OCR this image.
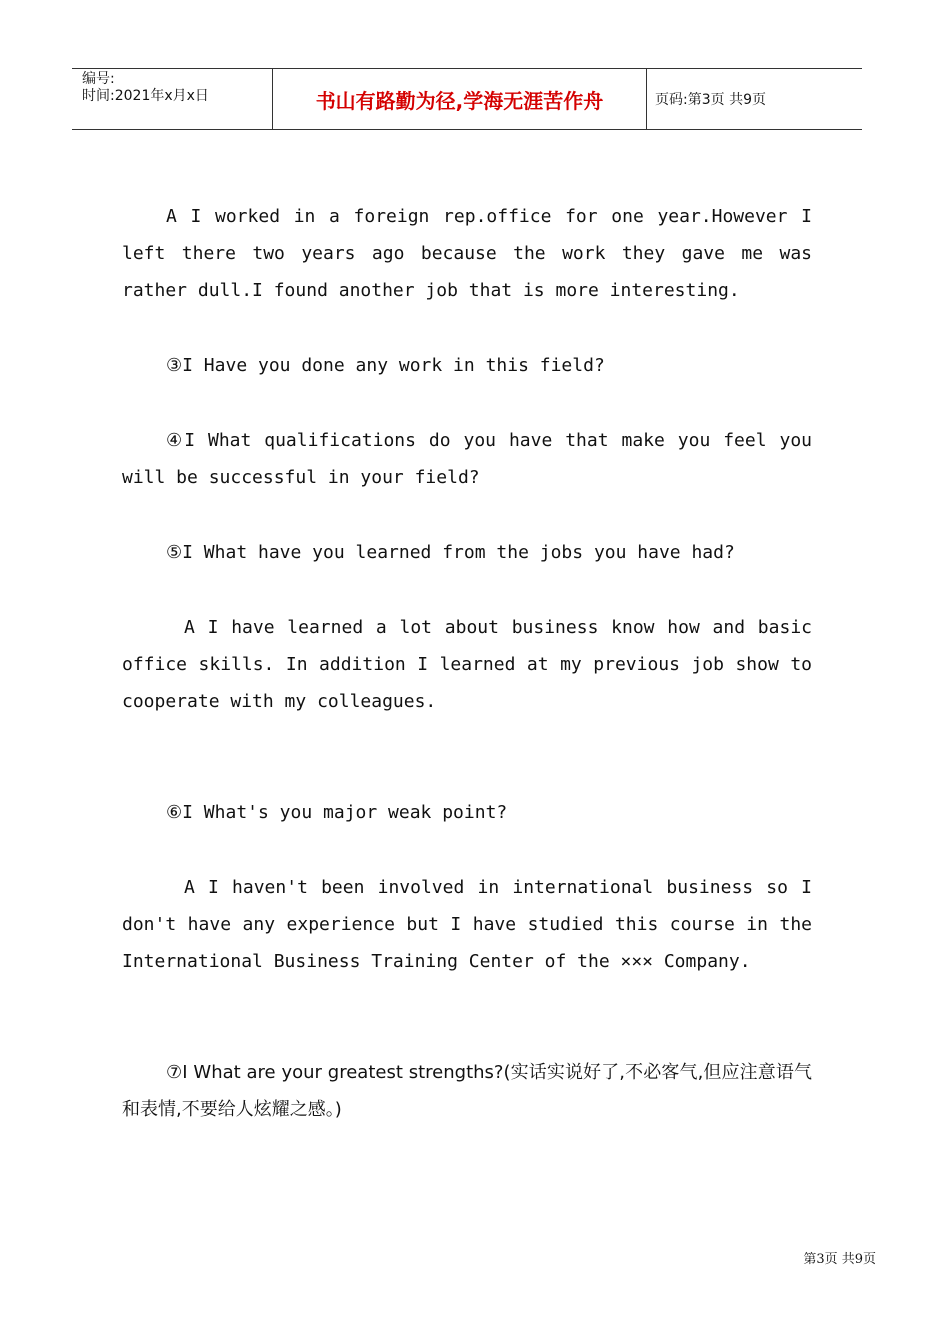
编号:
时间:2021年x月x日	书山有路勤为径,学海无涯苦作舟	页码:第3页 共9页

A I worked in a foreign rep.office for one year.However I left there two years ago because the work they gave me was rather dull.I found another job that is more interesting.

③I Have you done any work in this field?

④I What qualifications do you have that make you feel you will be successful in your field?

⑤I What have you learned from the jobs you have had?

A I have learned a lot about business know how and basic office skills. In addition I learned at my previous job show to cooperate with my colleagues.

⑥I What's you major weak point?

A I haven't been involved in international business so I don't have any experience but I have studied this course in the International Business Training Center of the ××× Company.

⑦I What are your greatest strengths?(实话实说好了,不必客气,但应注意语气和表情,不要给人炫耀之感。)

第3页 共9页
